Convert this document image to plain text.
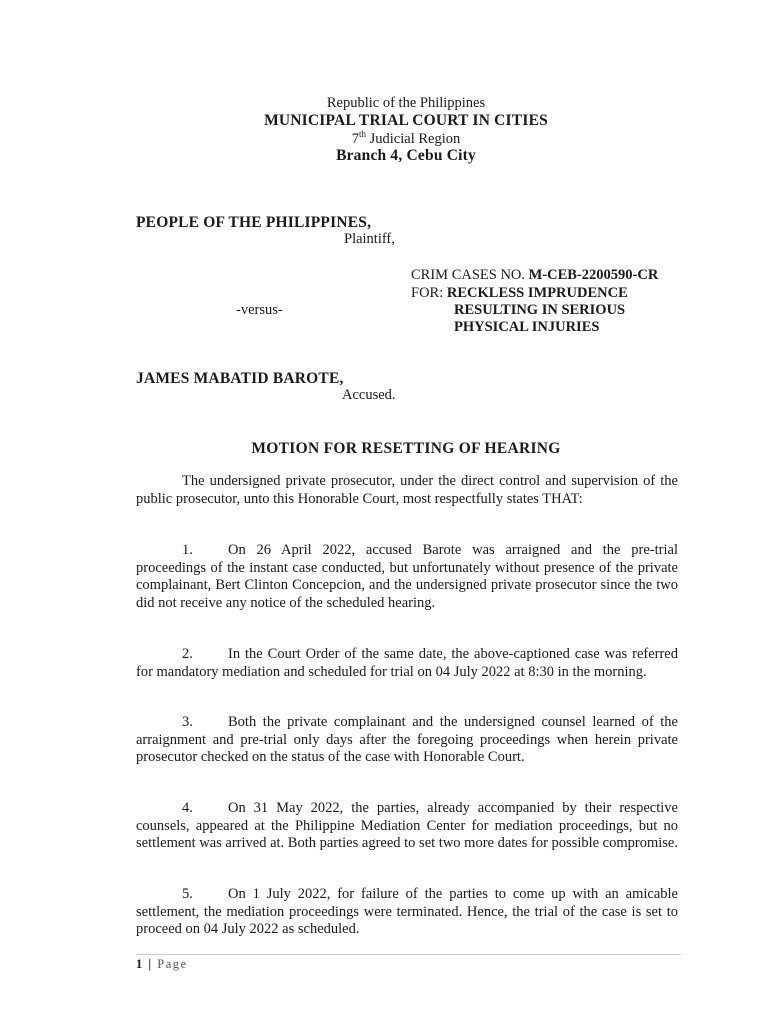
Republic of the Philippines
MUNICIPAL TRIAL COURT IN CITIES
7th Judicial Region
Branch 4, Cebu City
PEOPLE OF THE PHILIPPINES,
Plaintiff,
CRIM CASES NO. M-CEB-2200590-CR
FOR: RECKLESS IMPRUDENCE
RESULTING IN SERIOUS
PHYSICAL INJURIES
-versus-
JAMES MABATID BAROTE,
Accused.
MOTION FOR RESETTING OF HEARING
The undersigned private prosecutor, under the direct control and supervision of the public prosecutor, unto this Honorable Court, most respectfully states THAT:
1. On 26 April 2022, accused Barote was arraigned and the pre-trial proceedings of the instant case conducted, but unfortunately without presence of the private complainant, Bert Clinton Concepcion, and the undersigned private prosecutor since the two did not receive any notice of the scheduled hearing.
2. In the Court Order of the same date, the above-captioned case was referred for mandatory mediation and scheduled for trial on 04 July 2022 at 8:30 in the morning.
3. Both the private complainant and the undersigned counsel learned of the arraignment and pre-trial only days after the foregoing proceedings when herein private prosecutor checked on the status of the case with Honorable Court.
4. On 31 May 2022, the parties, already accompanied by their respective counsels, appeared at the Philippine Mediation Center for mediation proceedings, but no settlement was arrived at. Both parties agreed to set two more dates for possible compromise.
5. On 1 July 2022, for failure of the parties to come up with an amicable settlement, the mediation proceedings were terminated. Hence, the trial of the case is set to proceed on 04 July 2022 as scheduled.
1 | Page
